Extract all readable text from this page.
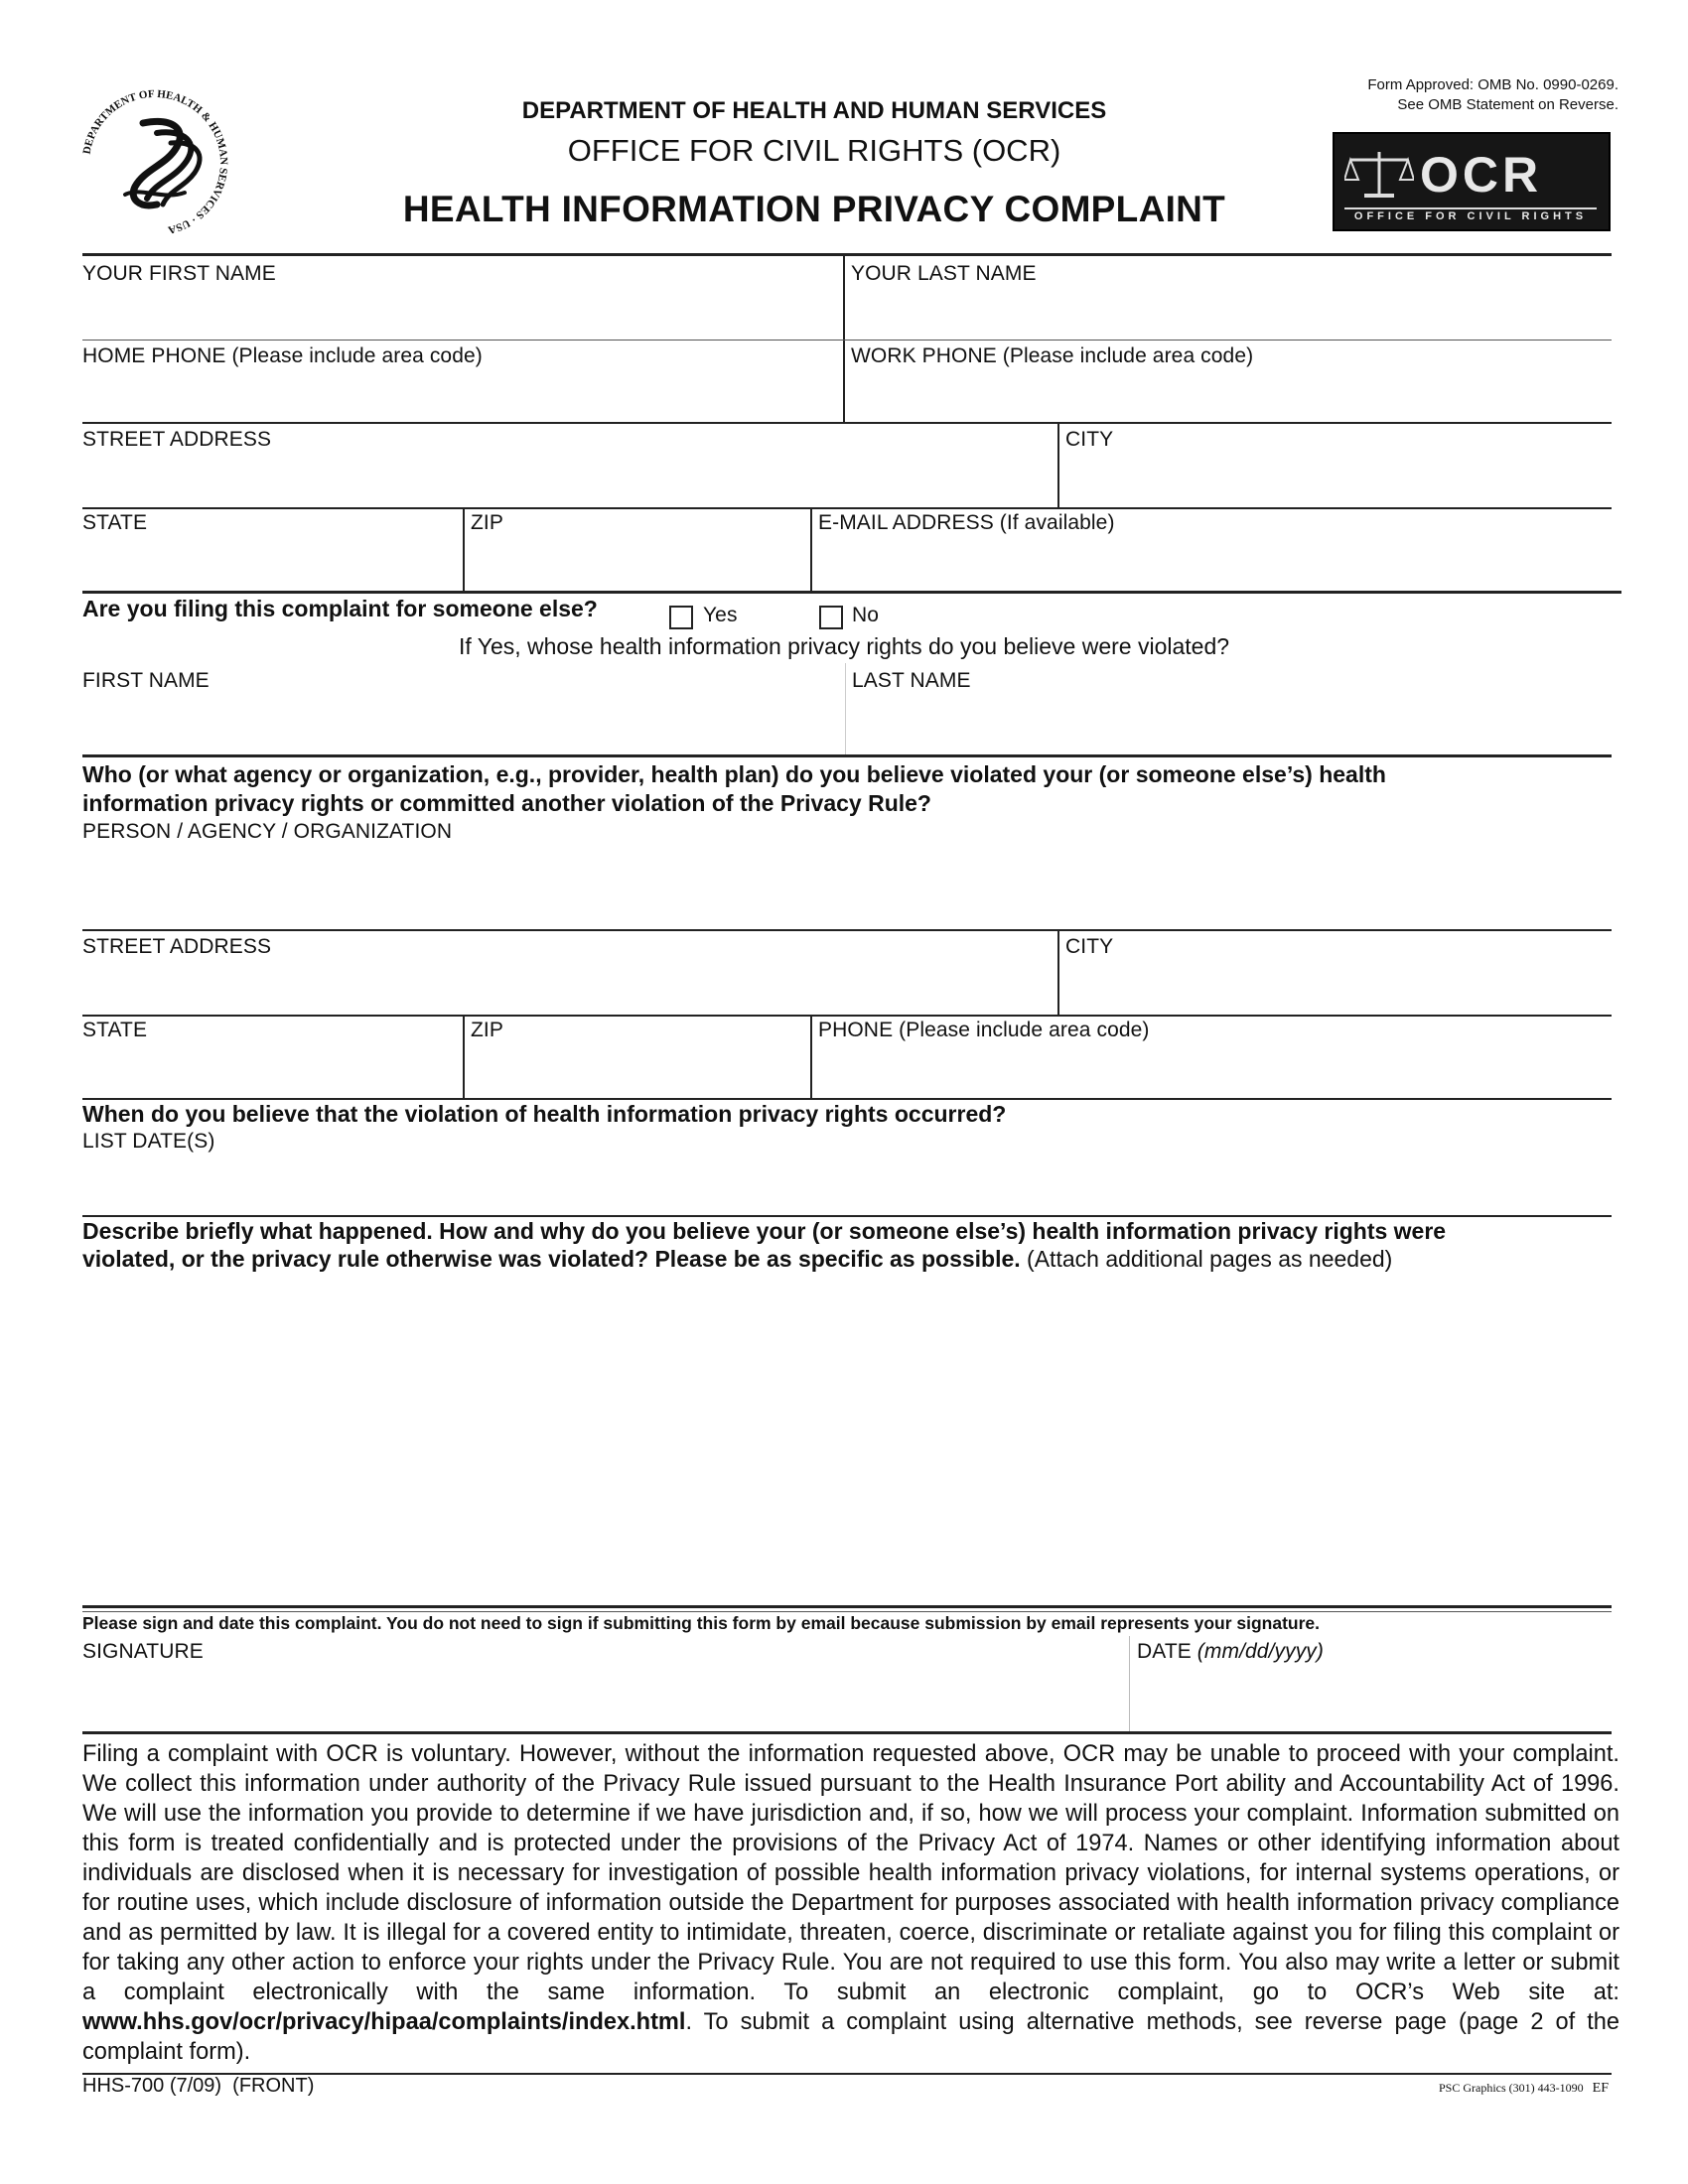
DEPARTMENT OF HEALTH & HUMAN SERVICES · USA
Form Approved: OMB No. 0990-0269.
See OMB Statement on Reverse.
DEPARTMENT OF HEALTH AND HUMAN SERVICES
OFFICE FOR CIVIL RIGHTS (OCR)
HEALTH INFORMATION PRIVACY COMPLAINT
OCR
OFFICE FOR CIVIL RIGHTS
YOUR FIRST NAME	YOUR LAST NAME
HOME PHONE (Please include area code)	WORK PHONE (Please include area code)
STREET ADDRESS	CITY
STATE	ZIP	E-MAIL ADDRESS (If available)
Are you filing this complaint for someone else?	Yes	No
If Yes, whose health information privacy rights do you believe were violated?
FIRST NAME	LAST NAME
Who (or what agency or organization, e.g., provider, health plan) do you believe violated your (or someone else’s) health
information privacy rights or committed another violation of the Privacy Rule?
PERSON / AGENCY / ORGANIZATION
STREET ADDRESS	CITY
STATE	ZIP	PHONE (Please include area code)
When do you believe that the violation of health information privacy rights occurred?
LIST DATE(S)
Describe briefly what happened. How and why do you believe your (or someone else’s) health information privacy rights were
violated, or the privacy rule otherwise was violated? Please be as specific as possible. (Attach additional pages as needed)
Please sign and date this complaint. You do not need to sign if submitting this form by email because submission by email represents your signature.
SIGNATURE	DATE (mm/dd/yyyy)
Filing a complaint with OCR is voluntary. However, without the information requested above, OCR may be unable to proceed with your complaint. We collect this information under authority of the Privacy Rule issued pursuant to the Health Insurance Port ability and Accountability Act of 1996. We will use the information you provide to determine if we have jurisdiction and, if so, how we will process your complaint. Information submitted on this form is treated confidentially and is protected under the provisions of the Privacy Act of 1974. Names or other identifying information about individuals are disclosed when it is necessary for investigation of possible health information privacy violations, for internal systems operations, or for routine uses, which include disclosure of information outside the Department for purposes associated with health information privacy compliance and as permitted by law. It is illegal for a covered entity to intimidate, threaten, coerce, discriminate or retaliate against you for filing this complaint or for taking any other action to enforce your rights under the Privacy Rule. You are not required to use this form. You also may write a letter or submit a complaint electronically with the same information. To submit an electronic complaint, go to OCR’s Web site at: www.hhs.gov/ocr/privacy/hipaa/complaints/index.html. To submit a complaint using alternative methods, see reverse page (page 2 of the complaint form).
HHS-700 (7/09)  (FRONT)	PSC Graphics (301) 443-1090 EF
